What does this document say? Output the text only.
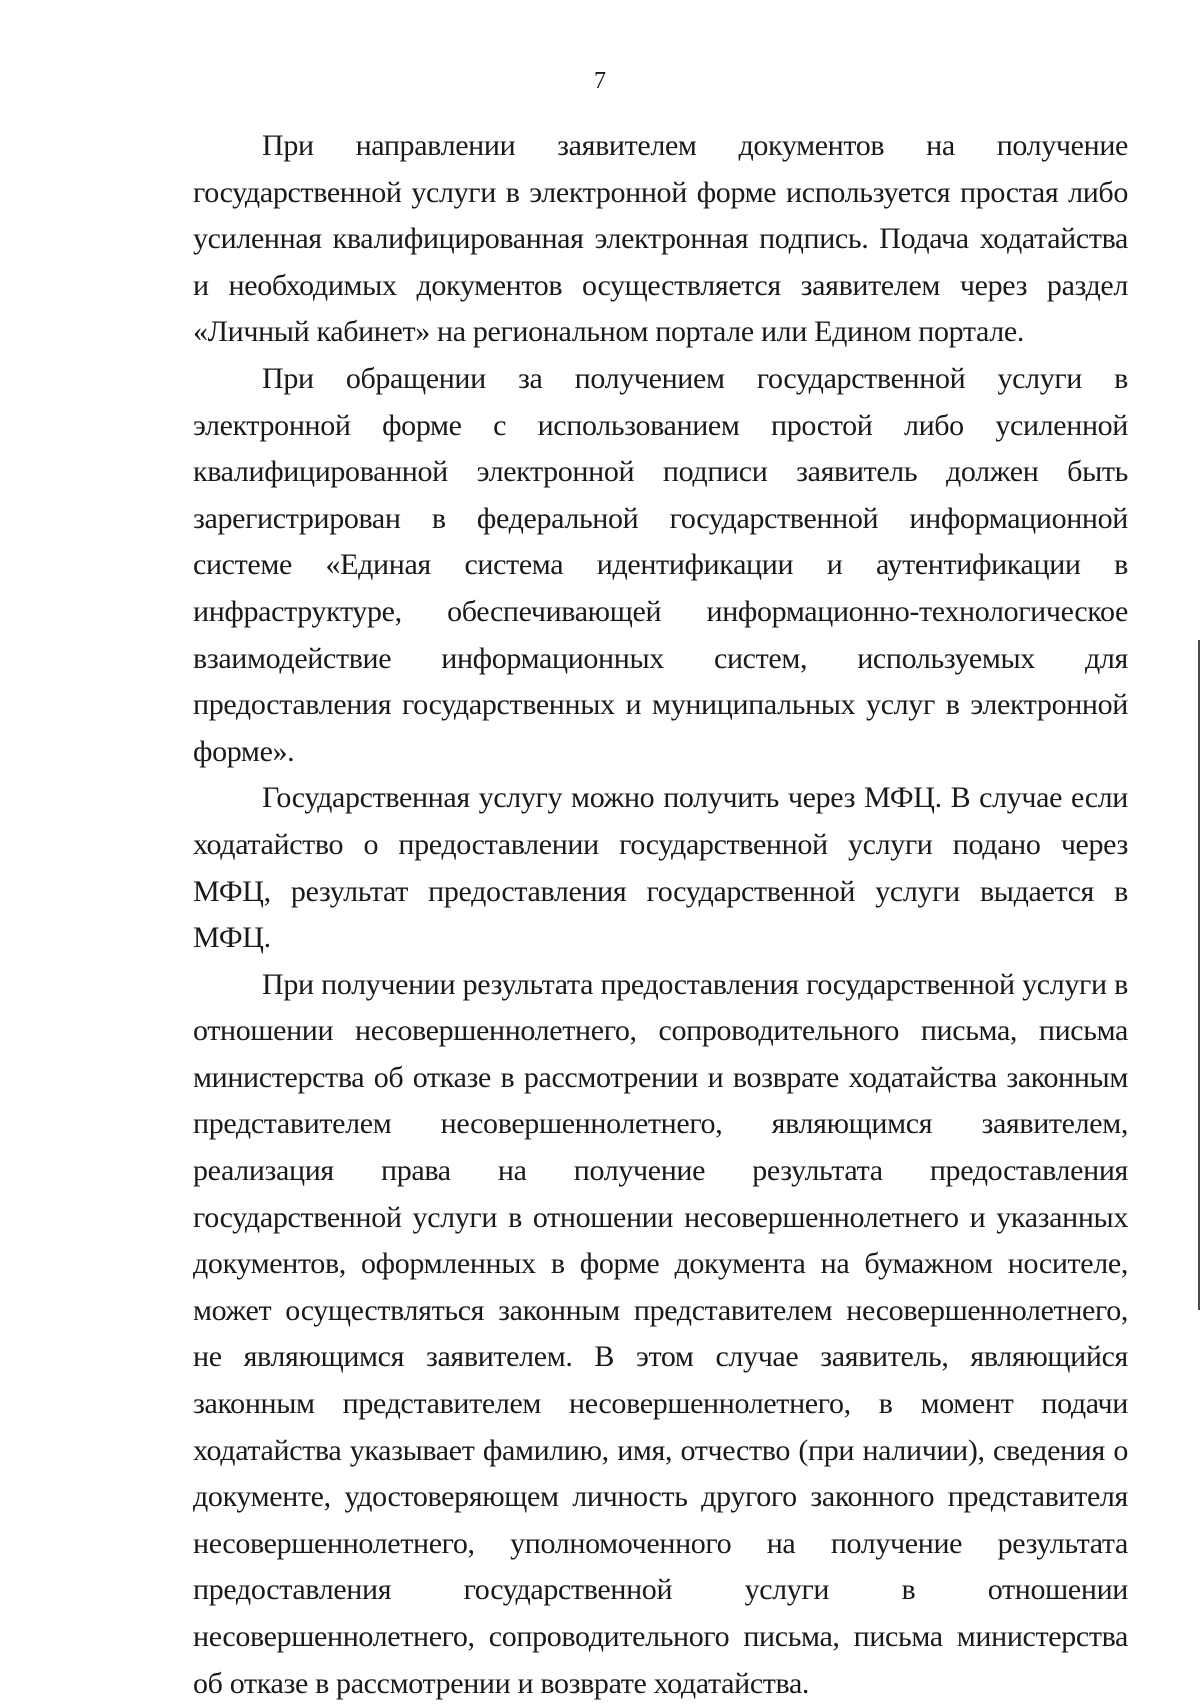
7

При направлении заявителем документов на получение государственной услуги в электронной форме используется простая либо усиленная квалифицированная электронная подпись. Подача ходатайства и необходимых документов осуществляется заявителем через раздел «Личный кабинет» на региональном портале или Едином портале.

При обращении за получением государственной услуги в электронной форме с использованием простой либо усиленной квалифицированной электронной подписи заявитель должен быть зарегистрирован в федеральной государственной информационной системе «Единая система идентификации и аутентификации в инфраструктуре, обеспечивающей информационно-технологическое взаимодействие информационных систем, используемых для предоставления государственных и муниципальных услуг в электронной форме».

Государственная услугу можно получить через МФЦ. В случае если ходатайство о предоставлении государственной услуги подано через МФЦ, результат предоставления государственной услуги выдается в МФЦ.

При получении результата предоставления государственной услуги в отношении несовершеннолетнего, сопроводительного письма, письма министерства об отказе в рассмотрении и возврате ходатайства законным представителем несовершеннолетнего, являющимся заявителем, реализация права на получение результата предоставления государственной услуги в отношении несовершеннолетнего и указанных документов, оформленных в форме документа на бумажном носителе, может осуществляться законным представителем несовершеннолетнего, не являющимся заявителем. В этом случае заявитель, являющийся законным представителем несовершеннолетнего, в момент подачи ходатайства указывает фамилию, имя, отчество (при наличии), сведения о документе, удостоверяющем личность другого законного представителя несовершеннолетнего, уполномоченного на получение результата предоставления государственной услуги в отношении несовершеннолетнего, сопроводительного письма, письма министерства об отказе в рассмотрении и возврате ходатайства.
